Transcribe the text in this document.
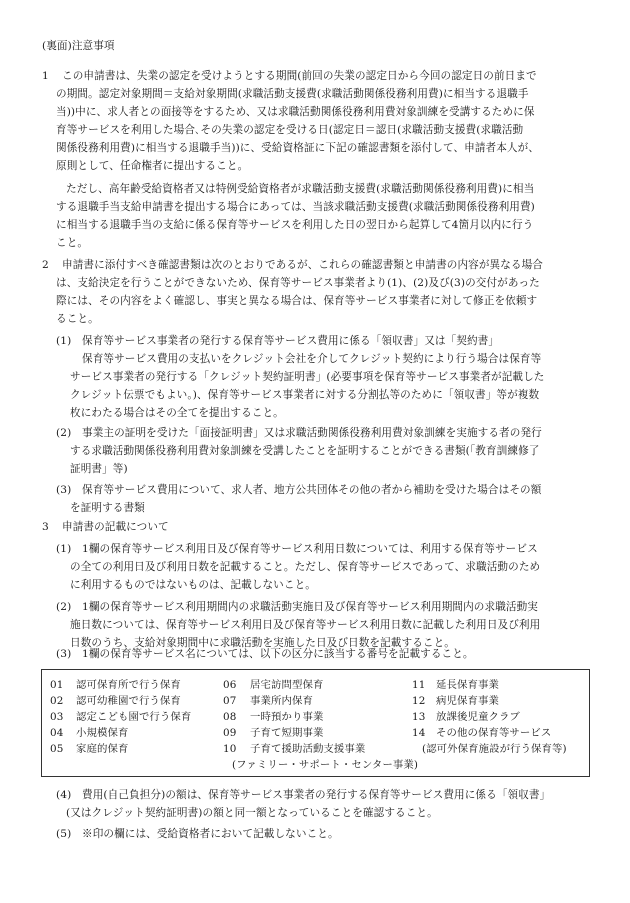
(裏面)注意事項
1 この申請書は、失業の認定を受けようとする期間(前回の失業の認定日から今回の認定日の前日まで
の期間。認定対象期間＝支給対象期間(求職活動支援費(求職活動関係役務利用費)に相当する退職手
当))中に、求人者との面接等をするため、又は求職活動関係役務利用費対象訓練を受講するために保
育等サービスを利用した場合､その失業の認定を受ける日(認定日＝認日(求職活動支援費(求職活動
関係役務利用費)に相当する退職手当))に、受給資格証に下記の確認書類を添付して、申請者本人が、
原則として、任命権者に提出すること。
ただし、高年齢受給資格者又は特例受給資格者が求職活動支援費(求職活動関係役務利用費)に相当
する退職手当支給申請書を提出する場合にあっては、当該求職活動支援費(求職活動関係役務利用費)
に相当する退職手当の支給に係る保育等サービスを利用した日の翌日から起算して4箇月以内に行う
こと。
2 申請書に添付すべき確認書類は次のとおりであるが、これらの確認書類と申請書の内容が異なる場合
は、支給決定を行うことができないため、保育等サービス事業者より(1)、(2)及び(3)の交付があった
際には、その内容をよく確認し、事実と異なる場合は、保育等サービス事業者に対して修正を依頼す
ること。
(1) 保育等サービス事業者の発行する保育等サービス費用に係る「領収書」又は「契約書」
保育等サービス費用の支払いをクレジット会社を介してクレジット契約により行う場合は保育等
サービス事業者の発行する「クレジット契約証明書」(必要事項を保育等サービス事業者が記載した
クレジット伝票でもよい。)、保育等サービス事業者に対する分割払等のために「領収書」等が複数
枚にわたる場合はその全てを提出すること。
(2) 事業主の証明を受けた「面接証明書」又は求職活動関係役務利用費対象訓練を実施する者の発行
する求職活動関係役務利用費対象訓練を受講したことを証明することができる書類(「教育訓練修了
証明書」等)
(3) 保育等サービス費用について、求人者、地方公共団体その他の者から補助を受けた場合はその額
を証明する書類
3 申請書の記載について
(1) 1欄の保育等サービス利用日及び保育等サービス利用日数については、利用する保育等サービス
の全ての利用日及び利用日数を記載すること。ただし、保育等サービスであって、求職活動のため
に利用するものではないものは、記載しないこと。
(2) 1欄の保育等サービス利用期間内の求職活動実施日及び保育等サービス利用期間内の求職活動実
施日数については、保育等サービス利用日及び保育等サービス利用日数に記載した利用日及び利用
日数のうち、支給対象期間中に求職活動を実施した日及び日数を記載すること。
(3) 1欄の保育等サービス名については、以下の区分に該当する番号を記載すること。
01 認可保育所で行う保育
02 認可幼稚園で行う保育
03 認定こども園で行う保育
04 小規模保育
05 家庭的保育
06 居宅訪問型保育
07 事業所内保育
08 一時預かり事業
09 子育て短期事業
10 子育て援助活動支援事業
(ファミリー・サポート・センター事業)
11 延長保育事業
12 病児保育事業
13 放課後児童クラブ
14 その他の保育等サービス
(認可外保育施設が行う保育等)
(4) 費用(自己負担分)の額は、保育等サービス事業者の発行する保育等サービス費用に係る「領収書」
(又はクレジット契約証明書)の額と同一額となっていることを確認すること。
(5) ※印の欄には、受給資格者において記載しないこと。
